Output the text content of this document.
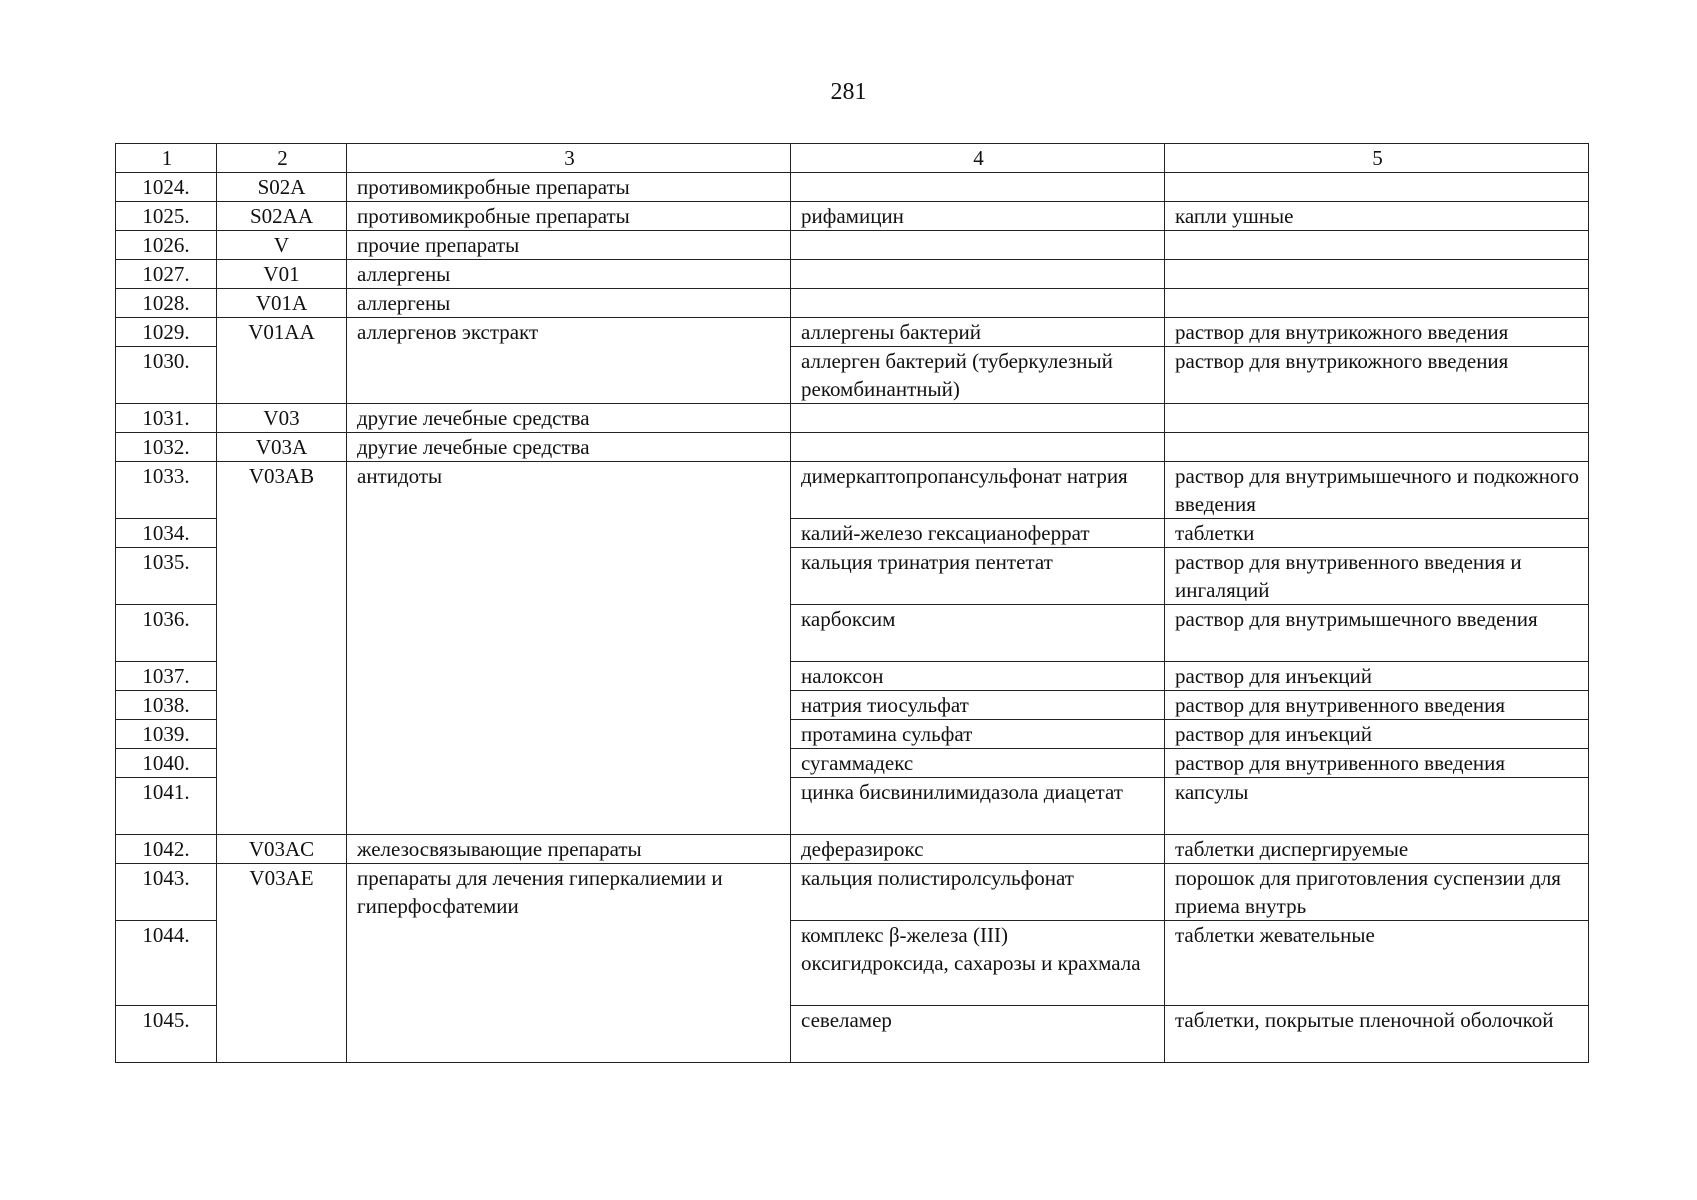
281
1	2	3	4	5
1024.	S02A	противомикробные препараты		
1025.	S02AA	противомикробные препараты	рифамицин	капли ушные
1026.	V	прочие препараты		
1027.	V01	аллергены		
1028.	V01A	аллергены		
1029.	V01AA	аллергенов экстракт	аллергены бактерий	раствор для внутрикожного введения
1030.			аллерген бактерий (туберкулезный рекомбинантный)	раствор для внутрикожного введения
1031.	V03	другие лечебные средства		
1032.	V03A	другие лечебные средства		
1033.	V03AB	антидоты	димеркаптопропансульфонат натрия	раствор для внутримышечного и подкожного введения
1034.			калий-железо гексацианоферрат	таблетки
1035.			кальция тринатрия пентетат	раствор для внутривенного введения и ингаляций
1036.			карбоксим	раствор для внутримышечного введения
1037.			налоксон	раствор для инъекций
1038.			натрия тиосульфат	раствор для внутривенного введения
1039.			протамина сульфат	раствор для инъекций
1040.			сугаммадекс	раствор для внутривенного введения
1041.			цинка бисвинилимидазола диацетат	капсулы
1042.	V03AC	железосвязывающие препараты	деферазирокс	таблетки диспергируемые
1043.	V03AE	препараты для лечения гиперкалиемии и гиперфосфатемии	кальция полистиролсульфонат	порошок для приготовления суспензии для приема внутрь
1044.			комплекс β-железа (III) оксигидроксида, сахарозы и крахмала	таблетки жевательные
1045.			севеламер	таблетки, покрытые пленочной оболочкой
